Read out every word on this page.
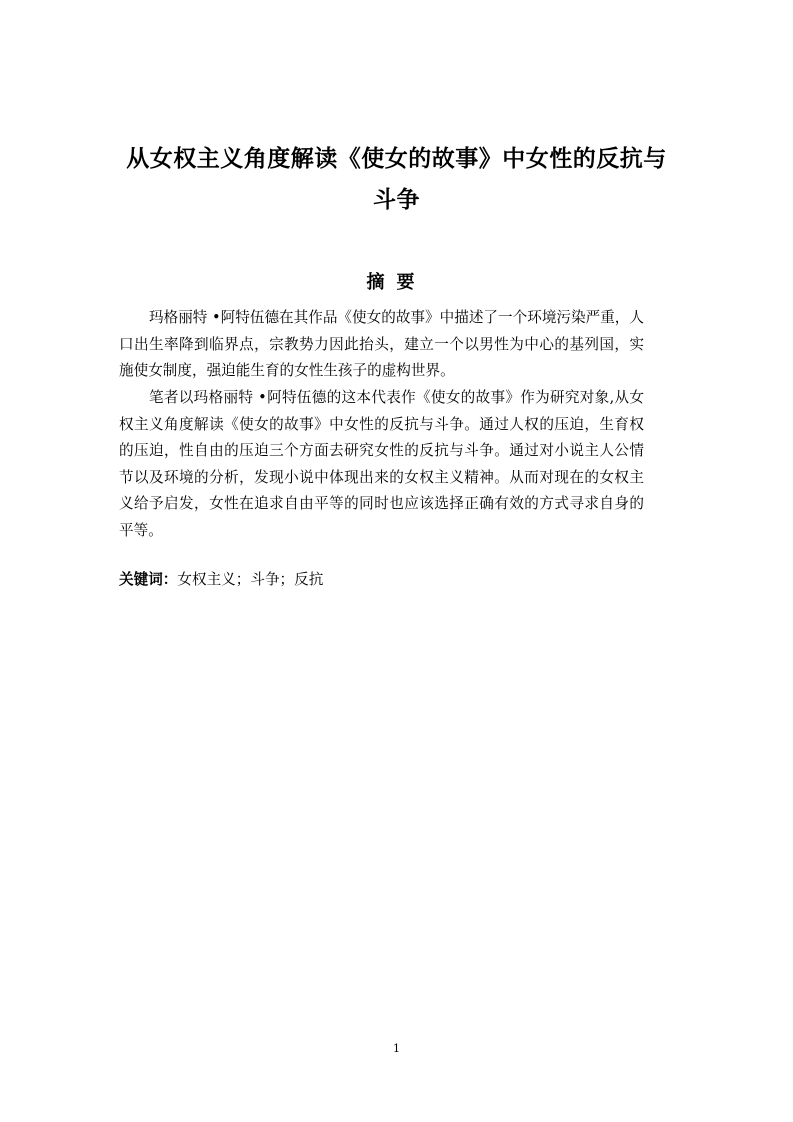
从女权主义角度解读《使女的故事》中女性的反抗与
斗争
摘要

玛格丽特 •阿特伍德在其作品《使女的故事》中描述了一个环境污染严重，人口出生率降到临界点，宗教势力因此抬头，建立一个以男性为中心的基列国，实施使女制度，强迫能生育的女性生孩子的虚构世界。

笔者以玛格丽特 •阿特伍德的这本代表作《使女的故事》作为研究对象,从女权主义角度解读《使女的故事》中女性的反抗与斗争。通过人权的压迫，生育权的压迫，性自由的压迫三个方面去研究女性的反抗与斗争。通过对小说主人公情节以及环境的分析，发现小说中体现出来的女权主义精神。从而对现在的女权主义给予启发，女性在追求自由平等的同时也应该选择正确有效的方式寻求自身的平等。

关键词：女权主义；斗争；反抗

1
